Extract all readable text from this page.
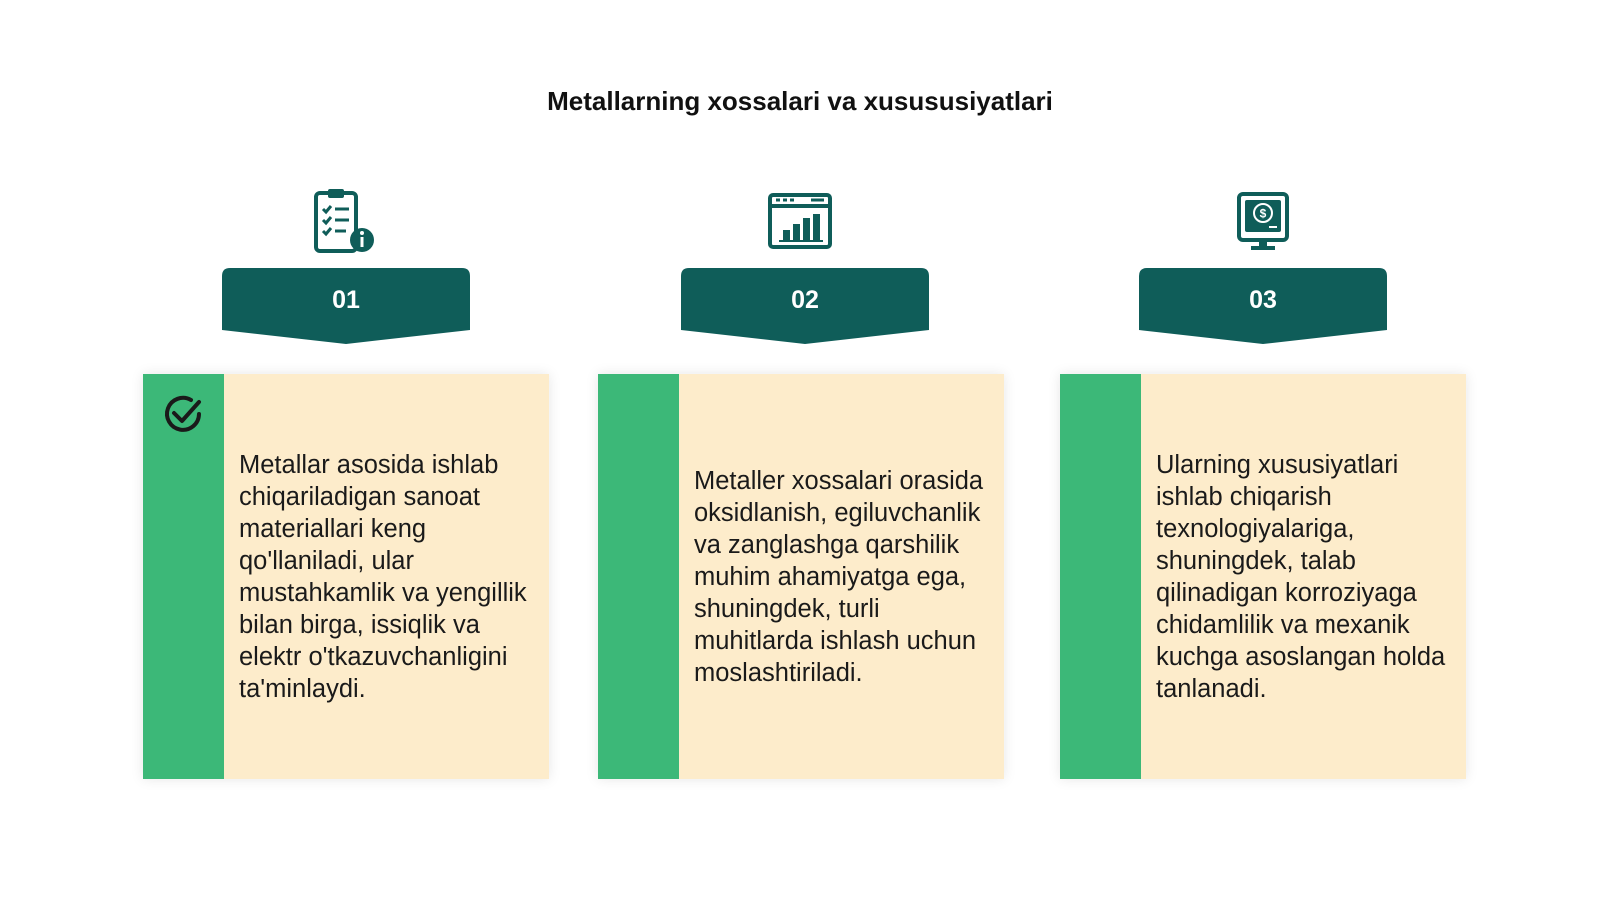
Metallarning xossalari va xusususiyatlari
01

Metallar asosida ishlab chiqariladigan sanoat materiallari keng qo'llaniladi, ular mustahkamlik va yengillik bilan birga, issiqlik va elektr o'tkazuvchanligini ta'minlaydi.

02

Metaller xossalari orasida oksidlanish, egiluvchanlik va zanglashga qarshilik muhim ahamiyatga ega, shuningdek, turli muhitlarda ishlash uchun moslashtiriladi.

$
03

Ularning xususiyatlari ishlab chiqarish texnologiyalariga, shuningdek, talab qilinadigan korroziyaga chidamlilik va mexanik kuchga asoslangan holda tanlanadi.
